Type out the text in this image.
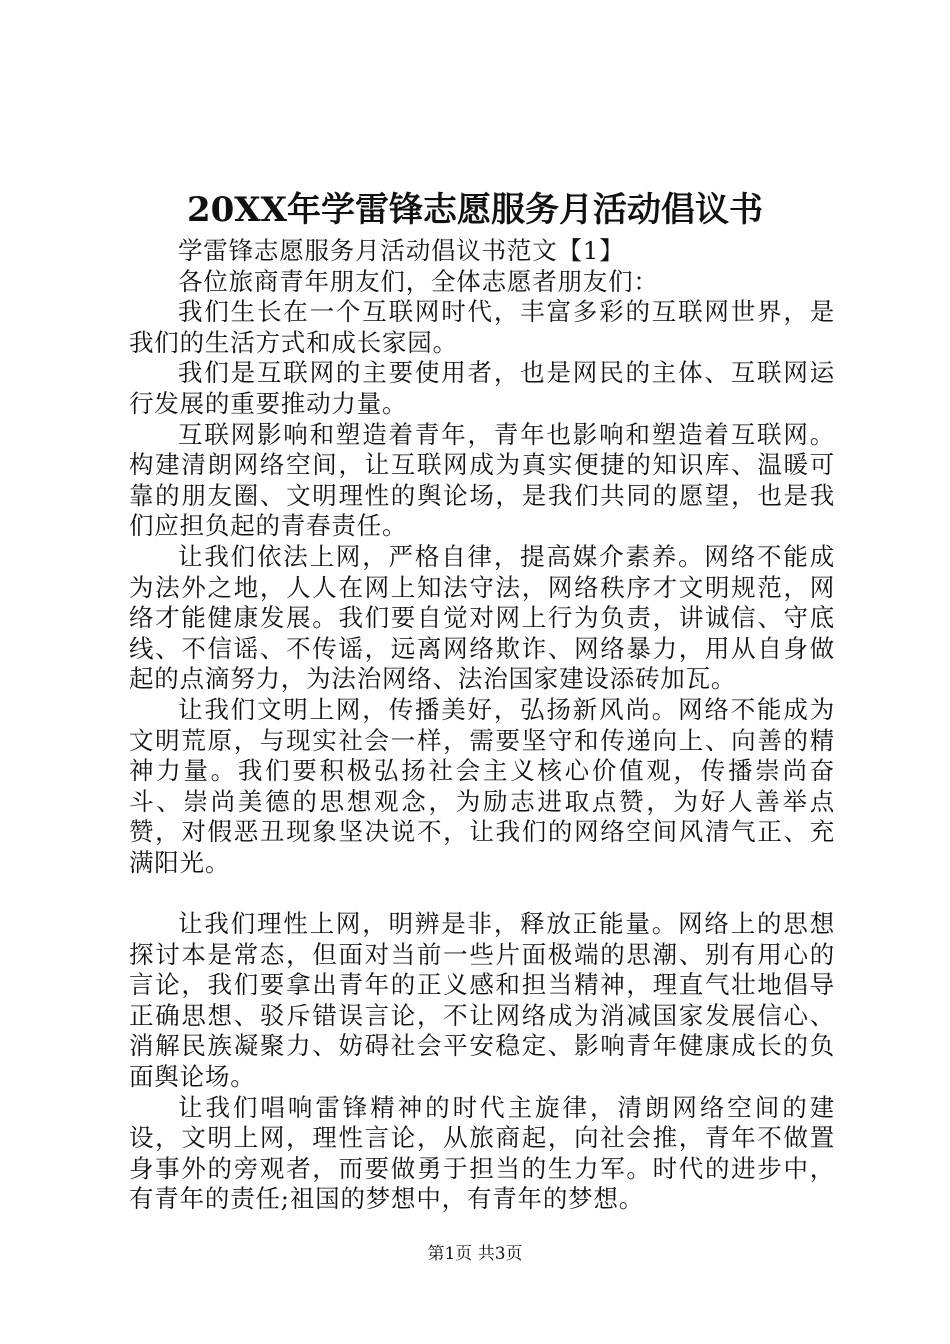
20XX年学雷锋志愿服务月活动倡议书

学雷锋志愿服务月活动倡议书范文【1】

各位旅商青年朋友们，全体志愿者朋友们：

我们生长在一个互联网时代，丰富多彩的互联网世界，是我们的生活方式和成长家园。

我们是互联网的主要使用者，也是网民的主体、互联网运行发展的重要推动力量。

互联网影响和塑造着青年，青年也影响和塑造着互联网。构建清朗网络空间，让互联网成为真实便捷的知识库、温暖可靠的朋友圈、文明理性的舆论场，是我们共同的愿望，也是我们应担负起的青春责任。

让我们依法上网，严格自律，提高媒介素养。网络不能成为法外之地，人人在网上知法守法，网络秩序才文明规范，网络才能健康发展。我们要自觉对网上行为负责，讲诚信、守底线、不信谣、不传谣，远离网络欺诈、网络暴力，用从自身做起的点滴努力，为法治网络、法治国家建设添砖加瓦。

让我们文明上网，传播美好，弘扬新风尚。网络不能成为文明荒原，与现实社会一样，需要坚守和传递向上、向善的精神力量。我们要积极弘扬社会主义核心价值观，传播崇尚奋斗、崇尚美德的思想观念，为励志进取点赞，为好人善举点赞，对假恶丑现象坚决说不，让我们的网络空间风清气正、充满阳光。

让我们理性上网，明辨是非，释放正能量。网络上的思想探讨本是常态，但面对当前一些片面极端的思潮、别有用心的言论，我们要拿出青年的正义感和担当精神，理直气壮地倡导正确思想、驳斥错误言论，不让网络成为消减国家发展信心、消解民族凝聚力、妨碍社会平安稳定、影响青年健康成长的负面舆论场。

让我们唱响雷锋精神的时代主旋律，清朗网络空间的建设，文明上网，理性言论，从旅商起，向社会推，青年不做置身事外的旁观者，而要做勇于担当的生力军。时代的进步中，有青年的责任;祖国的梦想中，有青年的梦想。

第1页 共3页
